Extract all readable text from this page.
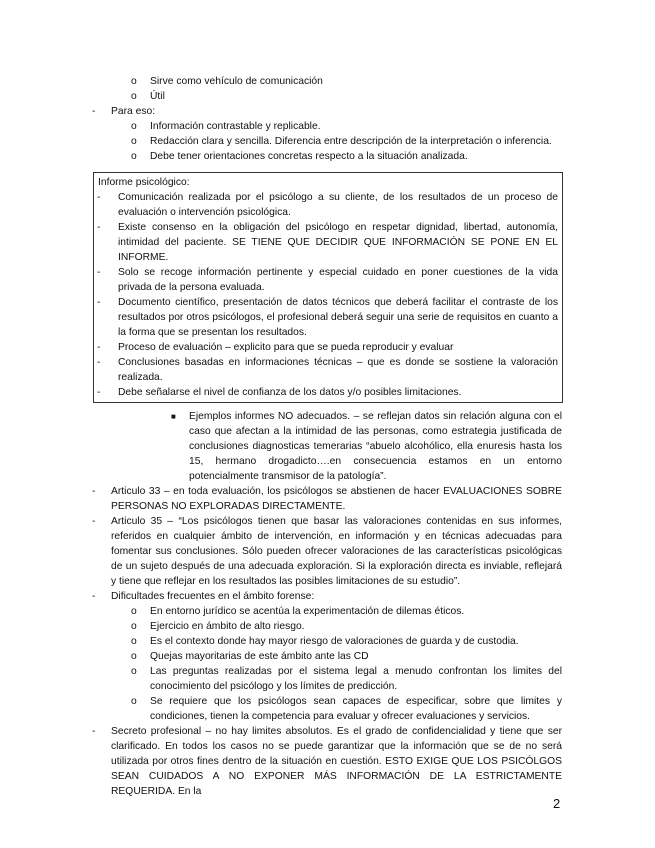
o Sirve como vehículo de comunicación
o Útil
- Para eso:
o Información contrastable y replicable.
o Redacción clara y sencilla. Diferencia entre descripción de la interpretación o inferencia.
o Debe tener orientaciones concretas respecto a la situación analizada.
Informe psicológico:
- Comunicación realizada por el psicólogo a su cliente, de los resultados de un proceso de evaluación o intervención psicológica.
- Existe consenso en la obligación del psicólogo en respetar dignidad, libertad, autonomía, intimidad del paciente. SE TIENE QUE DECIDIR QUE INFORMACIÓN SE PONE EN EL INFORME.
- Solo se recoge información pertinente y especial cuidado en poner cuestiones de la vida privada de la persona evaluada.
- Documento científico, presentación de datos técnicos que deberá facilitar el contraste de los resultados por otros psicólogos, el profesional deberá seguir una serie de requisitos en cuanto a la forma que se presentan los resultados.
- Proceso de evaluación – explicito para que se pueda reproducir y evaluar
- Conclusiones basadas en informaciones técnicas – que es donde se sostiene la valoración realizada.
- Debe señalarse el nivel de confianza de los datos y/o posibles limitaciones.
■ Ejemplos informes NO adecuados. – se reflejan datos sin relación alguna con el caso que afectan a la intimidad de las personas, como estrategia justificada de conclusiones diagnosticas temerarias “abuelo alcohólico, ella enuresis hasta los 15, hermano drogadicto….en consecuencia estamos en un entorno potencialmente transmisor de la patología”.
- Articulo 33 – en toda evaluación, los psicólogos se abstienen de hacer EVALUACIONES SOBRE PERSONAS NO EXPLORADAS DIRECTAMENTE.
- Articulo 35 – “Los psicólogos tienen que basar las valoraciones contenidas en sus informes, referidos en cualquier ámbito de intervención, en información y en técnicas adecuadas para fomentar sus conclusiones. Sólo pueden ofrecer valoraciones de las características psicológicas de un sujeto después de una adecuada exploración. Si la exploración directa es inviable, reflejará y tiene que reflejar en los resultados las posibles limitaciones de su estudio”.
- Dificultades frecuentes en el ámbito forense:
o En entorno jurídico se acentúa la experimentación de dilemas éticos.
o Ejercicio en ámbito de alto riesgo.
o Es el contexto donde hay mayor riesgo de valoraciones de guarda y de custodia.
o Quejas mayoritarias de este ámbito ante las CD
o Las preguntas realizadas por el sistema legal a menudo confrontan los limites del conocimiento del psicólogo y los límites de predicción.
o Se requiere que los psicólogos sean capaces de especificar, sobre que limites y condiciones, tienen la competencia para evaluar y ofrecer evaluaciones y servicios.
- Secreto profesional – no hay limites absolutos. Es el grado de confidencialidad y tiene que ser clarificado. En todos los casos no se puede garantizar que la información que se de no será utilizada por otros fines dentro de la situación en cuestión. ESTO EXIGE QUE LOS PSICÓLGOS SEAN CUIDADOS A NO EXPONER MÁS INFORMACIÓN DE LA ESTRICTAMENTE REQUERIDA. En la
2
